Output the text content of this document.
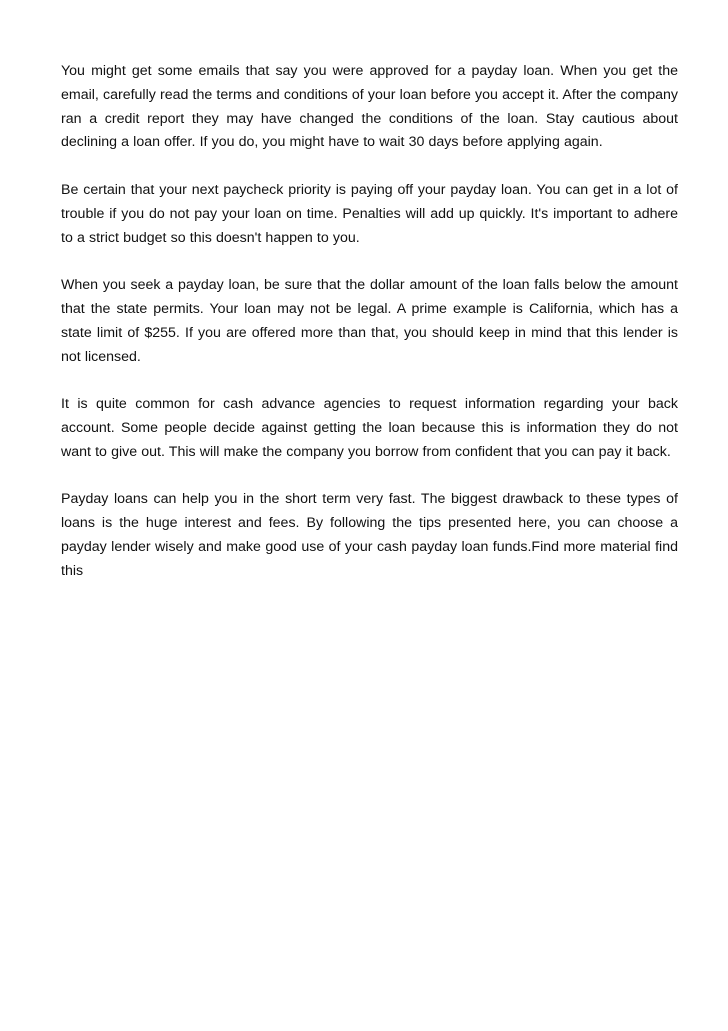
You might get some emails that say you were approved for a payday loan. When you get the email, carefully read the terms and conditions of your loan before you accept it. After the company ran a credit report they may have changed the conditions of the loan. Stay cautious about declining a loan offer. If you do, you might have to wait 30 days before applying again.

Be certain that your next paycheck priority is paying off your payday loan. You can get in a lot of trouble if you do not pay your loan on time. Penalties will add up quickly. It's important to adhere to a strict budget so this doesn't happen to you.

When you seek a payday loan, be sure that the dollar amount of the loan falls below the amount that the state permits. Your loan may not be legal. A prime example is California, which has a state limit of $255. If you are offered more than that, you should keep in mind that this lender is not licensed.

It is quite common for cash advance agencies to request information regarding your back account. Some people decide against getting the loan because this is information they do not want to give out. This will make the company you borrow from confident that you can pay it back.

Payday loans can help you in the short term very fast. The biggest drawback to these types of loans is the huge interest and fees. By following the tips presented here, you can choose a payday lender wisely and make good use of your cash payday loan funds.Find more material find this
